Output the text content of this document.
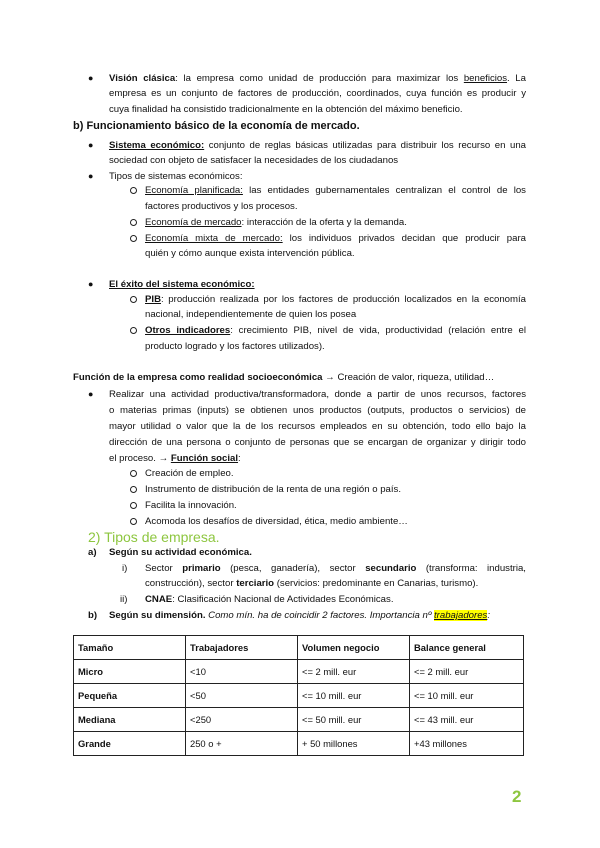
● Visión clásica: la empresa como unidad de producción para maximizar los beneficios. La
empresa es un conjunto de factores de producción, coordinados, cuya función es producir y
cuya finalidad ha consistido tradicionalmente en la obtención del máximo beneficio.
b) Funcionamiento básico de la economía de mercado.
● Sistema económico: conjunto de reglas básicas utilizadas para distribuir los recurso en una
sociedad con objeto de satisfacer la necesidades de los ciudadanos
● Tipos de sistemas económicos:
Economía planificada: las entidades gubernamentales centralizan el control de los
factores productivos y los procesos.
Economía de mercado: interacción de la oferta y la demanda.
Economía mixta de mercado: los individuos privados decidan que producir para
quién y cómo aunque exista intervención pública.
● El éxito del sistema económico:
PIB: producción realizada por los factores de producción localizados en la economía
nacional, independientemente de quien los posea
Otros indicadores: crecimiento PIB, nivel de vida, productividad (relación entre el
producto logrado y los factores utilizados).
Función de la empresa como realidad socioeconómica → Creación de valor, riqueza, utilidad…
● Realizar una actividad productiva/transformadora, donde a partir de unos recursos, factores
o materias primas (inputs) se obtienen unos productos (outputs, productos o servicios) de
mayor utilidad o valor que la de los recursos empleados en su obtención, todo ello bajo la
dirección de una persona o conjunto de personas que se encargan de organizar y dirigir todo
el proceso. → Función social:
Creación de empleo.
Instrumento de distribución de la renta de una región o país.
Facilita la innovación.
Acomoda los desafíos de diversidad, ética, medio ambiente…
2) Tipos de empresa.
a) Según su actividad económica.
i) Sector primario (pesca, ganadería), sector secundario (transforma: industria,
construcción), sector terciario (servicios: predominante en Canarias, turismo).
ii) CNAE: Clasificación Nacional de Actividades Económicas.
b) Según su dimensión. Como mín. ha de coincidir 2 factores. Importancia nº trabajadores:
Tamaño	Trabajadores	Volumen negocio	Balance general
Micro	<10	<= 2 mill. eur	<= 2 mill. eur
Pequeña	<50	<= 10 mill. eur	<= 10 mill. eur
Mediana	<250	<= 50 mill. eur	<= 43 mill. eur
Grande	250 o +	+ 50 millones	+43 millones
2
